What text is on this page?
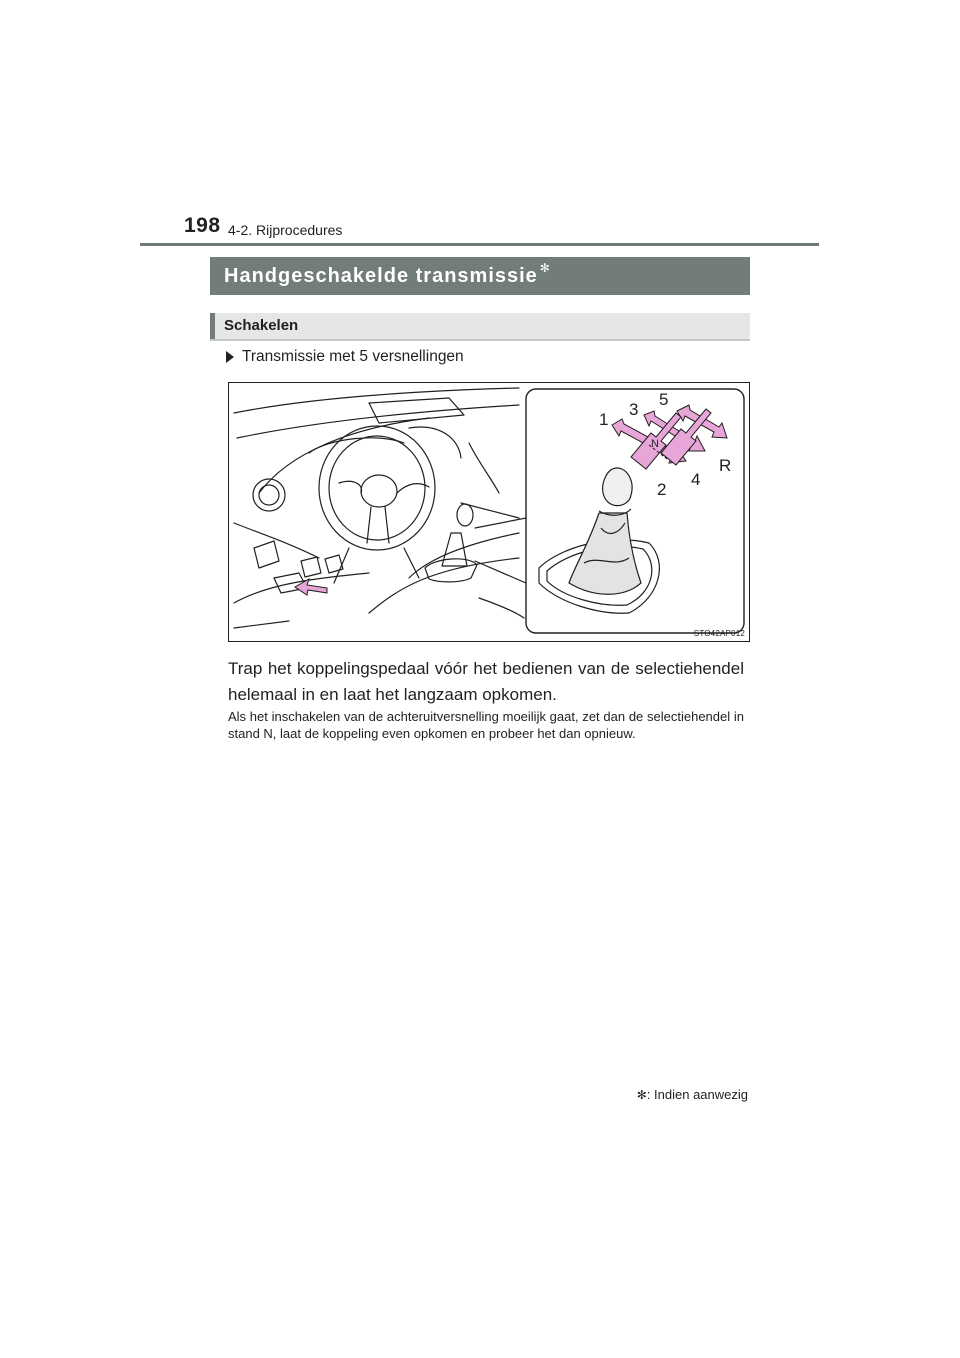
198 4-2. Rijprocedures
Handgeschakelde transmissie ✻
Schakelen
Transmissie met 5 versnellingen
1
2
3
4
5
R
N
STO42AP012
Trap het koppelingspedaal vóór het bedienen van de selectiehendel helemaal in en laat het langzaam opkomen.
Als het inschakelen van de achteruitversnelling moeilijk gaat, zet dan de selectiehendel in stand N, laat de koppeling even opkomen en probeer het dan opnieuw.
✻: Indien aanwezig
